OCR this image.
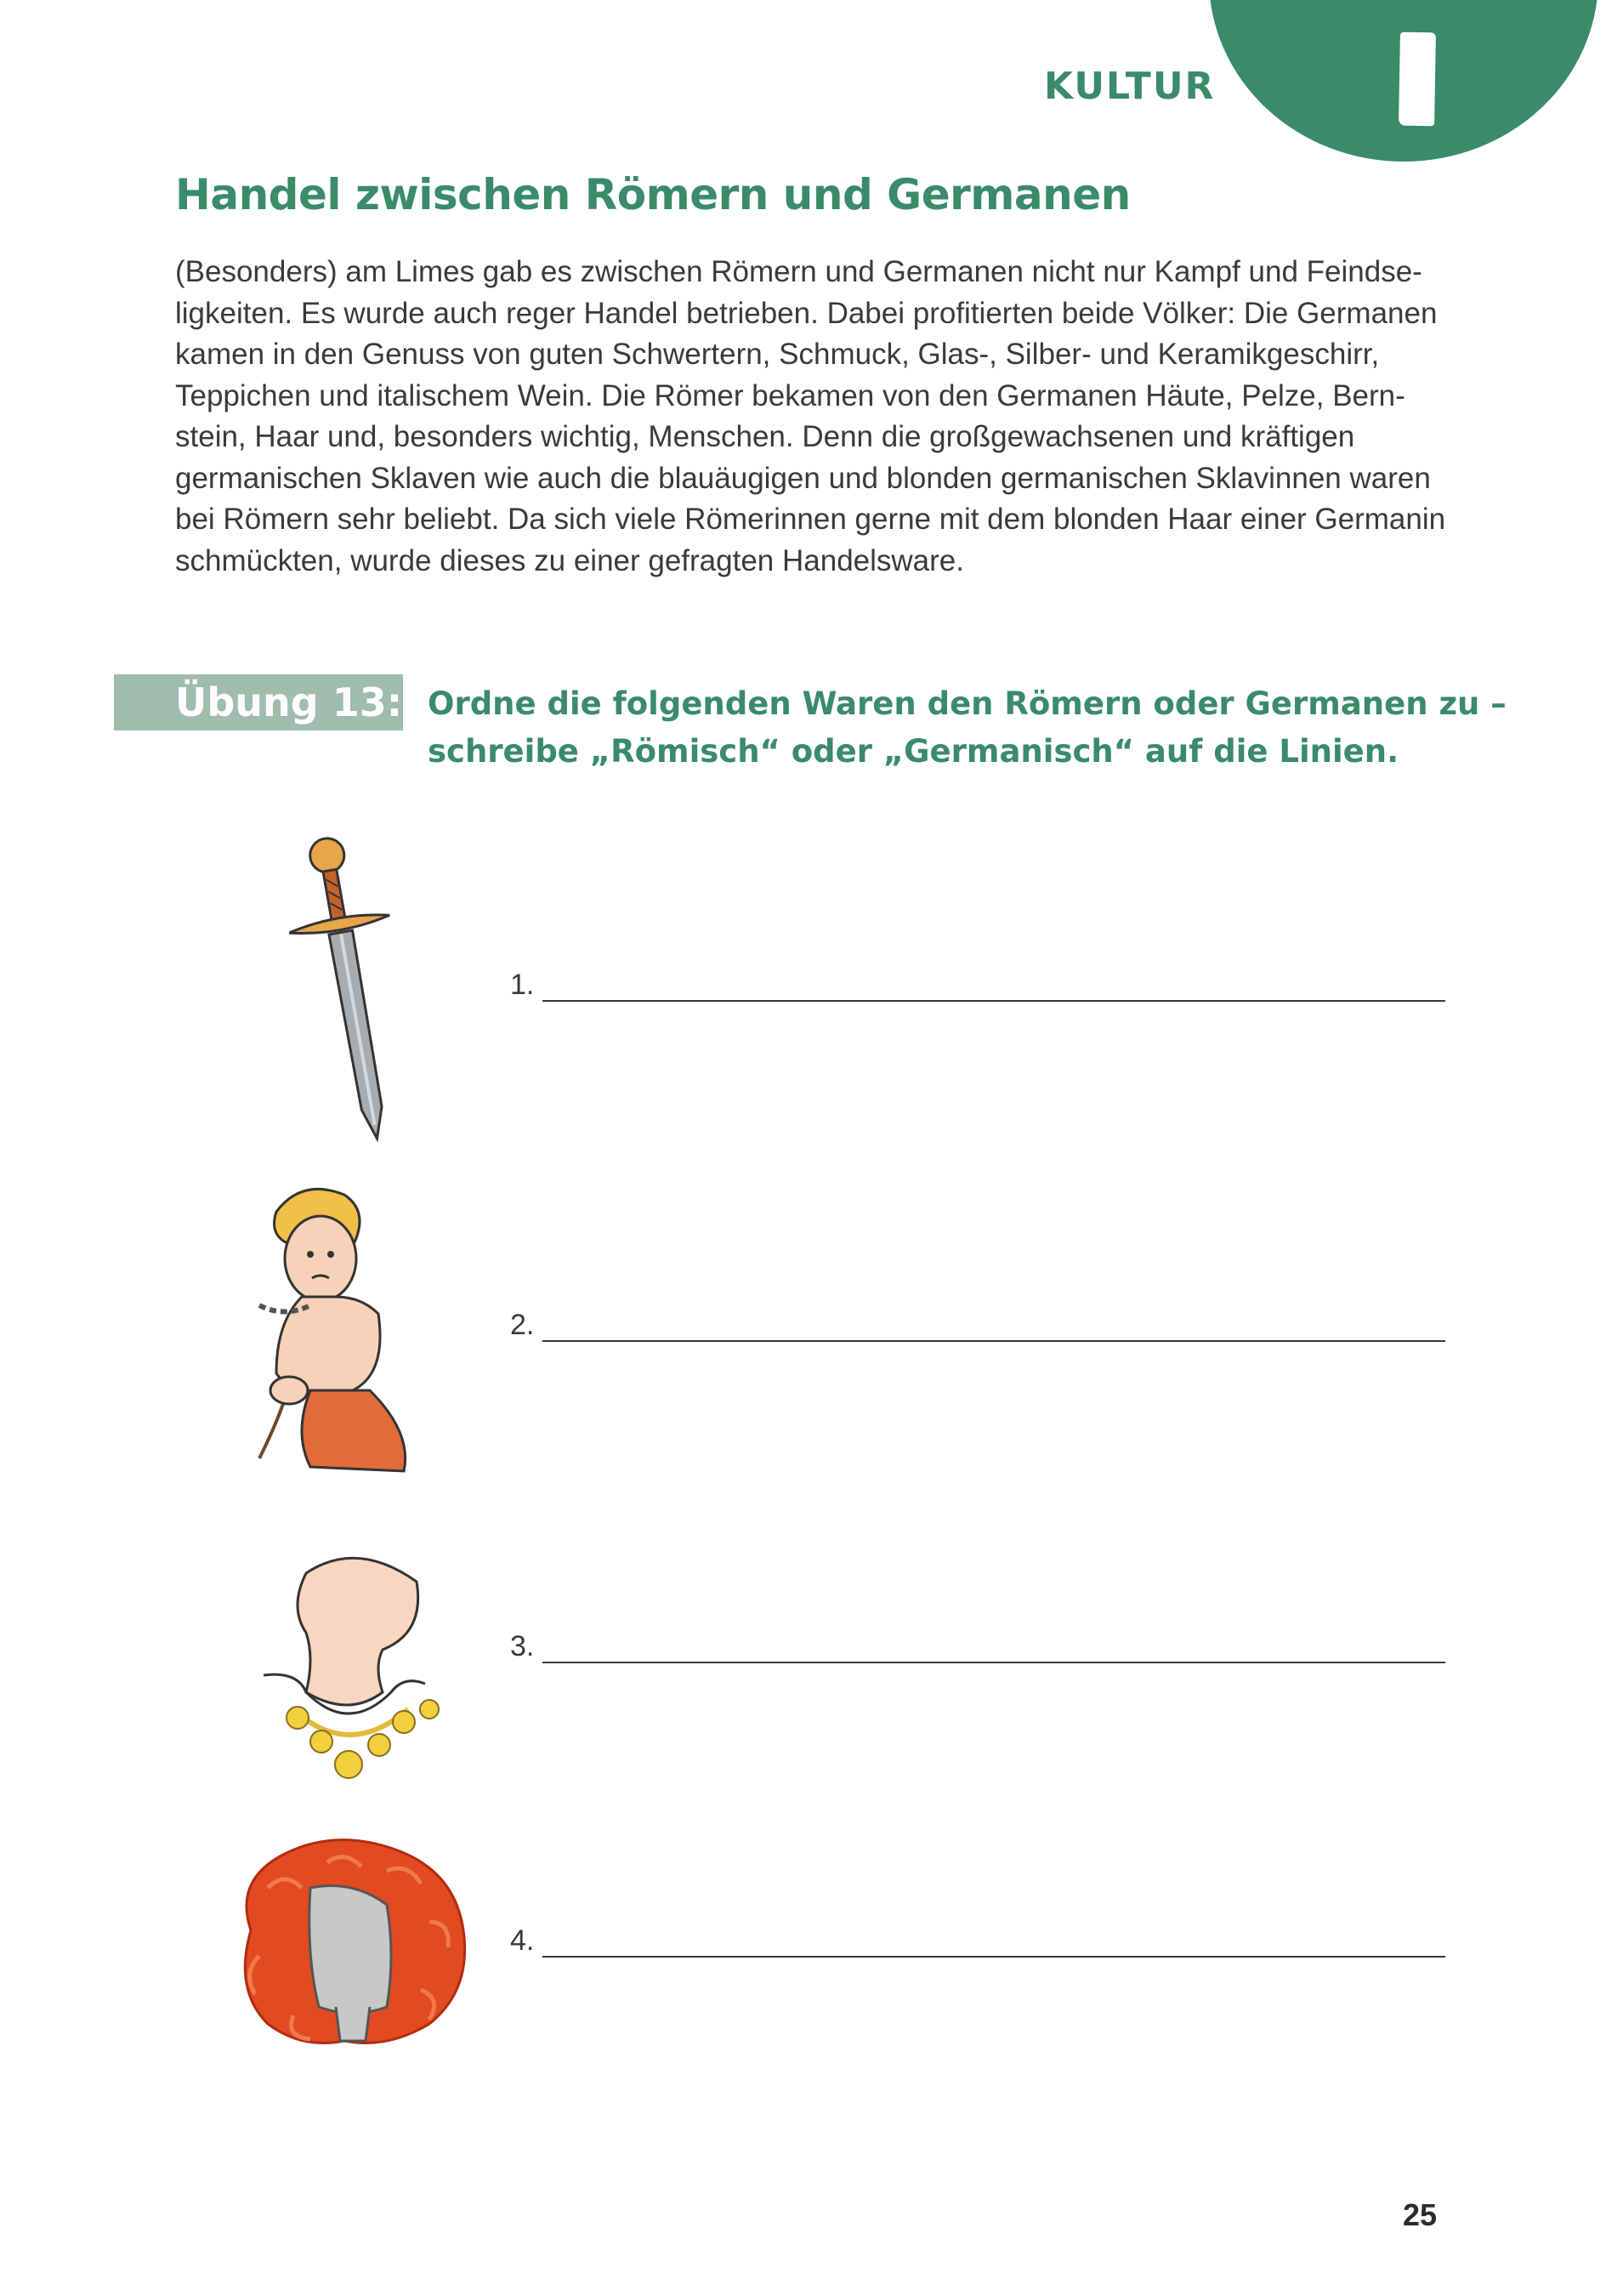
KULTUR
Handel zwischen Römern und Germanen

(Besonders) am Limes gab es zwischen Römern und Germanen nicht nur Kampf und Feindse-
ligkeiten. Es wurde auch reger Handel betrieben. Dabei profitierten beide Völker: Die Germanen
kamen in den Genuss von guten Schwertern, Schmuck, Glas-, Silber- und Keramikgeschirr,
Teppichen und italischem Wein. Die Römer bekamen von den Germanen Häute, Pelze, Bern-
stein, Haar und, besonders wichtig, Menschen. Denn die großgewachsenen und kräftigen
germanischen Sklaven wie auch die blauäugigen und blonden germanischen Sklavinnen waren
bei Römern sehr beliebt. Da sich viele Römerinnen gerne mit dem blonden Haar einer Germanin
schmückten, wurde dieses zu einer gefragten Handelsware.

Übung 13: Ordne die folgenden Waren den Römern oder Germanen zu –
schreibe „Römisch“ oder „Germanisch“ auf die Linien.
1.
2.
3.
4.
25
